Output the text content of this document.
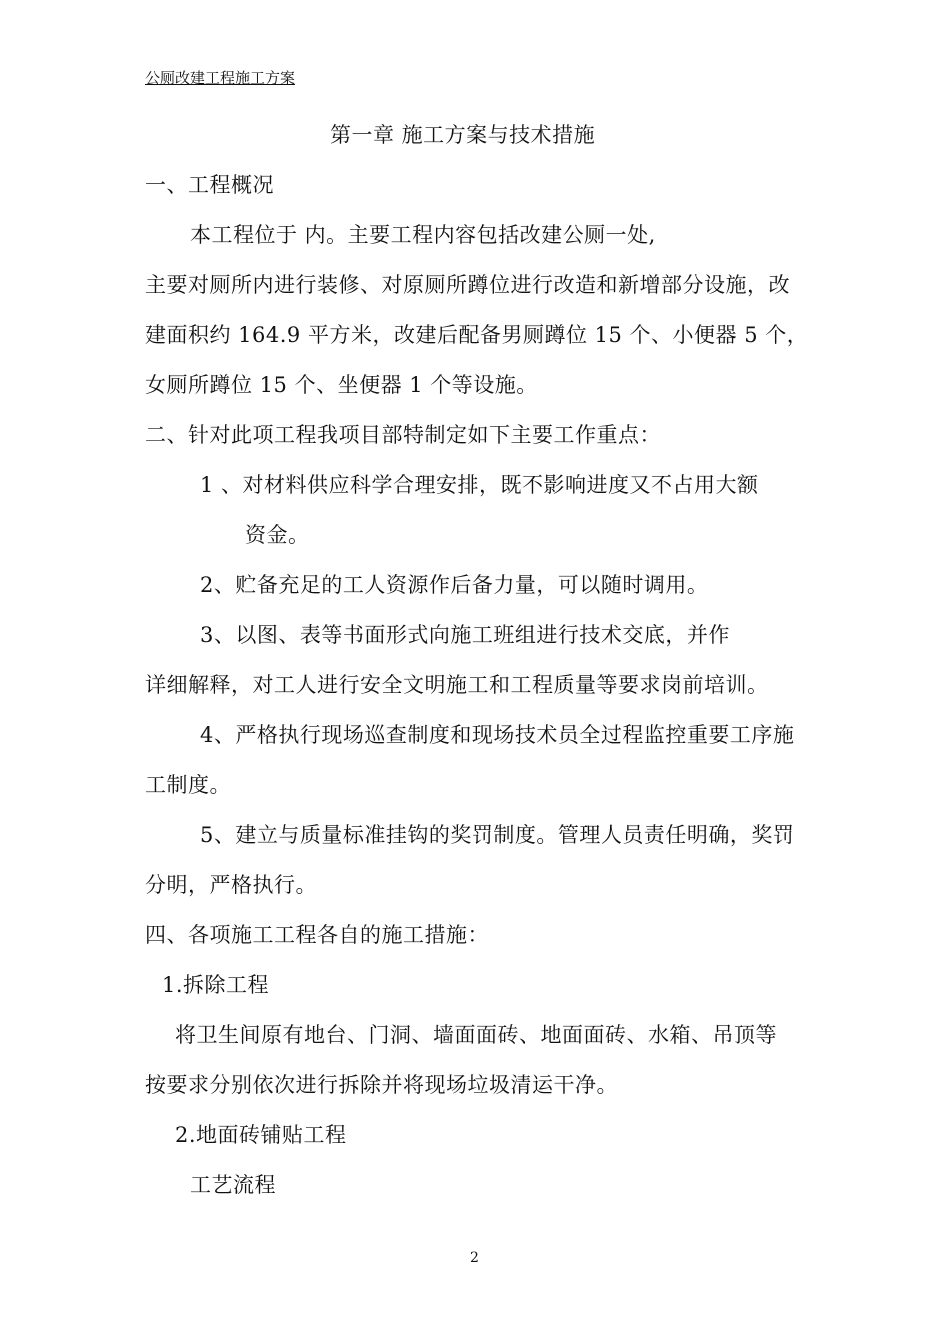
公厕改建工程施工方案
第一章 施工方案与技术措施
一、工程概况
本工程位于 内。主要工程内容包括改建公厕一处,
主要对厕所内进行装修、对原厕所蹲位进行改造和新增部分设施，改
建面积约 164.9 平方米，改建后配备男厕蹲位 15 个、小便器 5 个，
女厕所蹲位 15 个、坐便器 1 个等设施。
二、针对此项工程我项目部特制定如下主要工作重点：
1 、对材料供应科学合理安排，既不影响进度又不占用大额
资金。
2、贮备充足的工人资源作后备力量，可以随时调用。
3、以图、表等书面形式向施工班组进行技术交底，并作
详细解释，对工人进行安全文明施工和工程质量等要求岗前培训。
4、严格执行现场巡查制度和现场技术员全过程监控重要工序施
工制度。
5、建立与质量标准挂钩的奖罚制度。管理人员责任明确，奖罚
分明，严格执行。
四、各项施工工程各自的施工措施：
1.拆除工程
将卫生间原有地台、门洞、墙面面砖、地面面砖、水箱、吊顶等
按要求分别依次进行拆除并将现场垃圾清运干净。
2.地面砖铺贴工程
工艺流程
2
